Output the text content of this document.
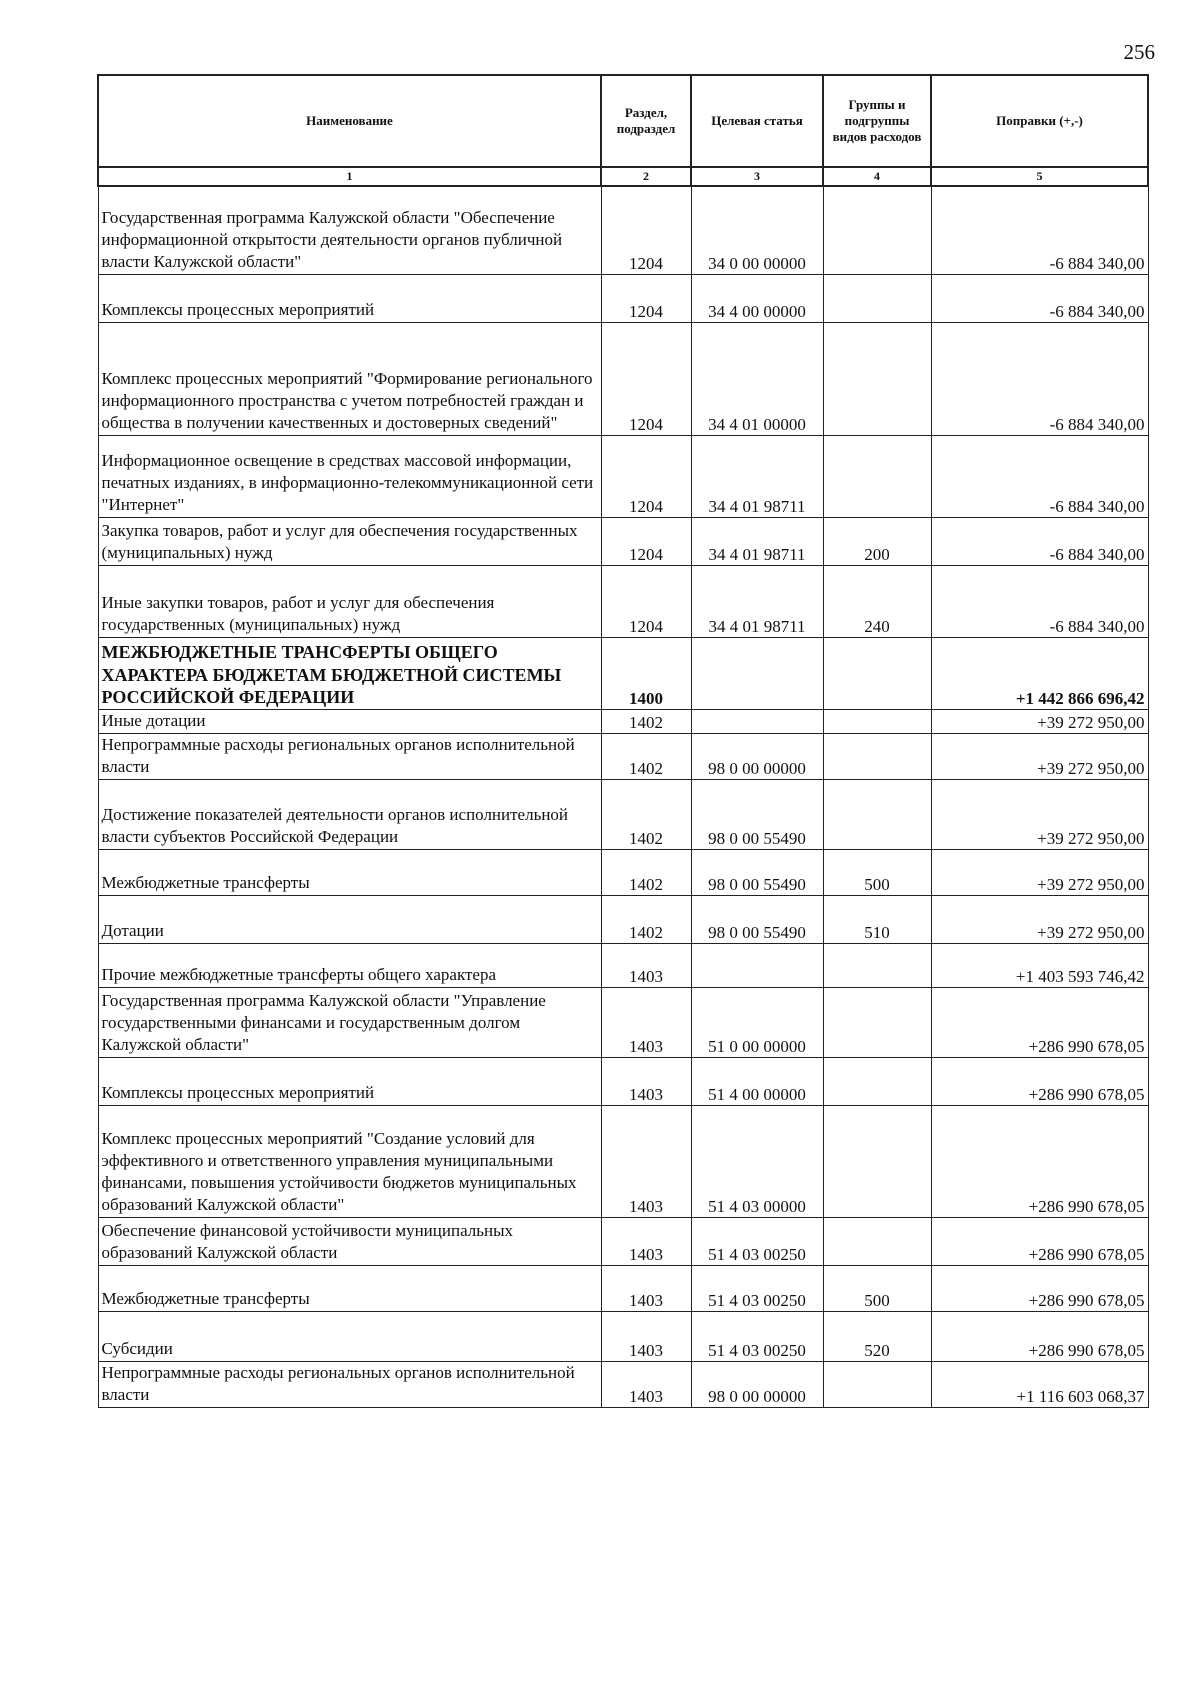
256
Наименование	Раздел, подраздел	Целевая статья	Группы и подгруппы видов расходов	Поправки (+,-)
1	2	3	4	5
Государственная программа Калужской области "Обеспечение информационной открытости деятельности органов публичной власти Калужской области"	1204	34 0 00 00000		-6 884 340,00
Комплексы процессных мероприятий	1204	34 4 00 00000		-6 884 340,00
Комплекс процессных мероприятий "Формирование регионального информационного пространства с учетом потребностей граждан и общества в получении качественных и достоверных сведений"	1204	34 4 01 00000		-6 884 340,00
Информационное освещение в средствах массовой информации, печатных изданиях, в информационно-телекоммуникационной сети "Интернет"	1204	34 4 01 98711		-6 884 340,00
Закупка товаров, работ и услуг для обеспечения государственных (муниципальных) нужд	1204	34 4 01 98711	200	-6 884 340,00
Иные закупки товаров, работ и услуг для обеспечения государственных (муниципальных) нужд	1204	34 4 01 98711	240	-6 884 340,00
МЕЖБЮДЖЕТНЫЕ ТРАНСФЕРТЫ ОБЩЕГО ХАРАКТЕРА БЮДЖЕТАМ БЮДЖЕТНОЙ СИСТЕМЫ РОССИЙСКОЙ ФЕДЕРАЦИИ	1400			+1 442 866 696,42
Иные дотации	1402			+39 272 950,00
Непрограммные расходы региональных органов исполнительной власти	1402	98 0 00 00000		+39 272 950,00
Достижение показателей деятельности органов исполнительной власти субъектов Российской Федерации	1402	98 0 00 55490		+39 272 950,00
Межбюджетные трансферты	1402	98 0 00 55490	500	+39 272 950,00
Дотации	1402	98 0 00 55490	510	+39 272 950,00
Прочие межбюджетные трансферты общего характера	1403			+1 403 593 746,42
Государственная программа Калужской области "Управление государственными финансами и государственным долгом Калужской области"	1403	51 0 00 00000		+286 990 678,05
Комплексы процессных мероприятий	1403	51 4 00 00000		+286 990 678,05
Комплекс процессных мероприятий "Создание условий для эффективного и ответственного управления муниципальными финансами, повышения устойчивости бюджетов муниципальных образований Калужской области"	1403	51 4 03 00000		+286 990 678,05
Обеспечение финансовой устойчивости муниципальных образований Калужской области	1403	51 4 03 00250		+286 990 678,05
Межбюджетные трансферты	1403	51 4 03 00250	500	+286 990 678,05
Субсидии	1403	51 4 03 00250	520	+286 990 678,05
Непрограммные расходы региональных органов исполнительной власти	1403	98 0 00 00000		+1 116 603 068,37
